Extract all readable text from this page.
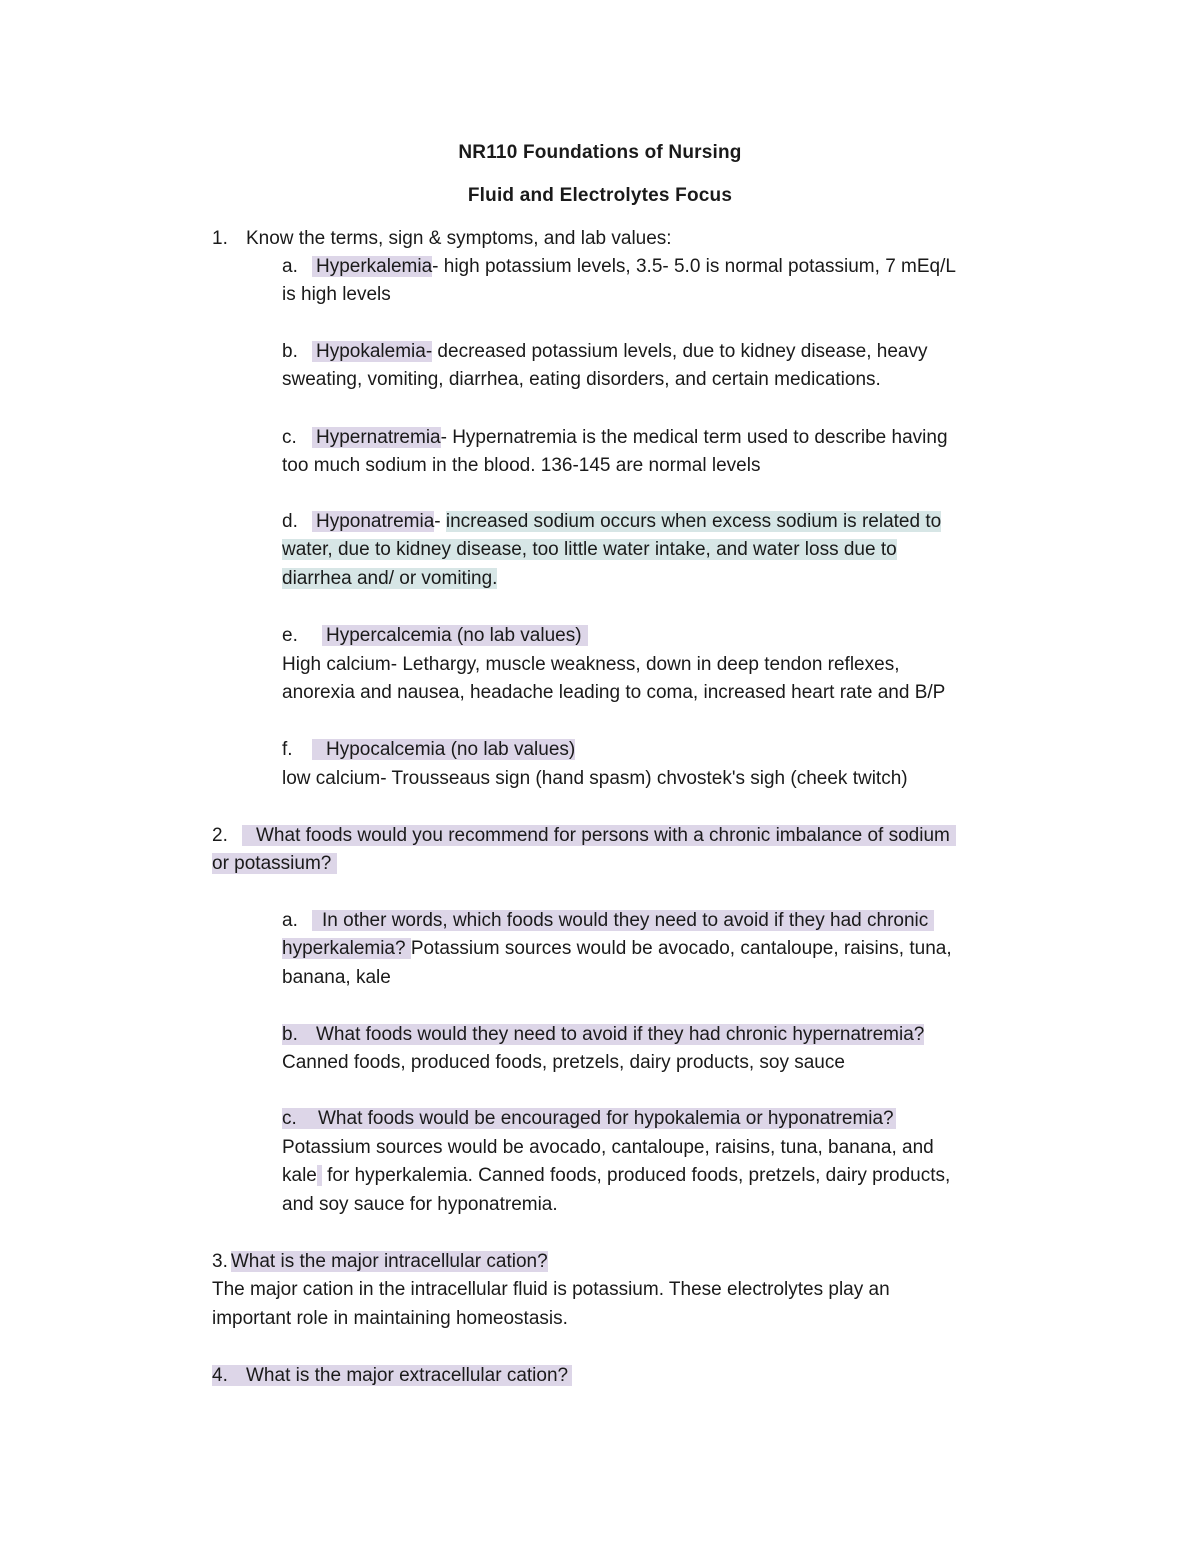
NR110 Foundations of Nursing
Fluid and Electrolytes Focus
1. Know the terms, sign & symptoms, and lab values:
a. Hyperkalemia- high potassium levels, 3.5- 5.0 is normal potassium, 7 mEq/L
is high levels
b. Hypokalemia- decreased potassium levels, due to kidney disease, heavy
sweating, vomiting, diarrhea, eating disorders, and certain medications.
c. Hypernatremia- Hypernatremia is the medical term used to describe having
too much sodium in the blood. 136-145 are normal levels
d. Hyponatremia- increased sodium occurs when excess sodium is related to
water, due to kidney disease, too little water intake, and water loss due to
diarrhea and/ or vomiting.
e. Hypercalcemia (no lab values)
High calcium- Lethargy, muscle weakness, down in deep tendon reflexes,
anorexia and nausea, headache leading to coma, increased heart rate and B/P
f. Hypocalcemia (no lab values)
low calcium- Trousseaus sign (hand spasm) chvostek's sigh (cheek twitch)
2. What foods would you recommend for persons with a chronic imbalance of sodium
or potassium?
a. In other words, which foods would they need to avoid if they had chronic
hyperkalemia? Potassium sources would be avocado, cantaloupe, raisins, tuna,
banana, kale
b. What foods would they need to avoid if they had chronic hypernatremia?
Canned foods, produced foods, pretzels, dairy products, soy sauce
c. What foods would be encouraged for hypokalemia or hyponatremia?
Potassium sources would be avocado, cantaloupe, raisins, tuna, banana, and
kale for hyperkalemia. Canned foods, produced foods, pretzels, dairy products,
and soy sauce for hyponatremia.
3. What is the major intracellular cation?
The major cation in the intracellular fluid is potassium. These electrolytes play an
important role in maintaining homeostasis.
4. What is the major extracellular cation?
